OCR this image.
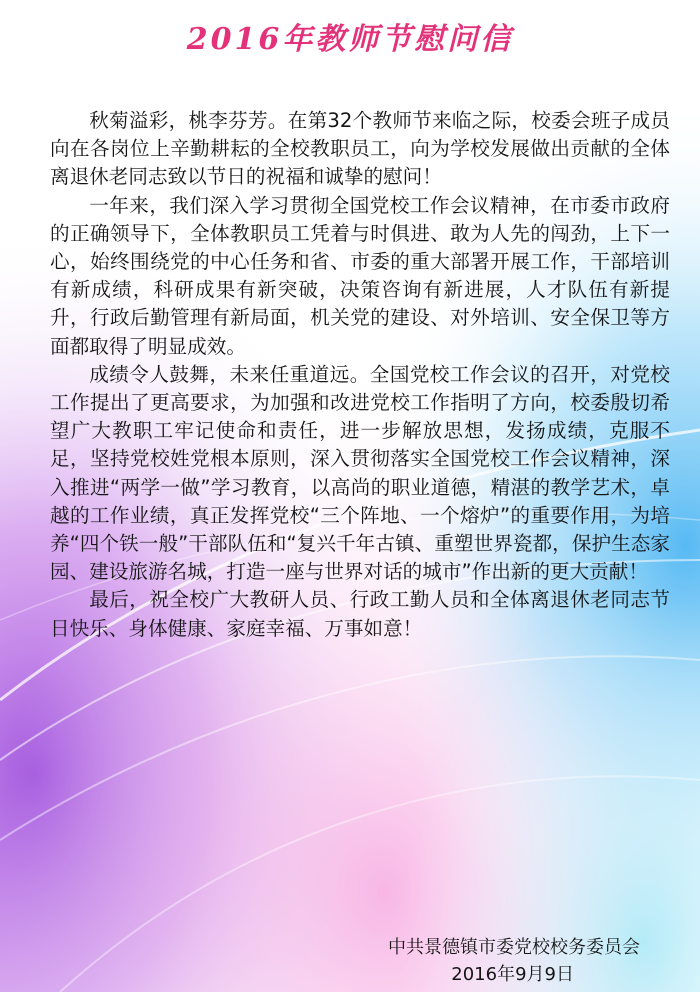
2016年教师节慰问信

秋菊溢彩，桃李芬芳。在第32个教师节来临之际，校委会班子成员向在各岗位上辛勤耕耘的全校教职员工，向为学校发展做出贡献的全体离退休老同志致以节日的祝福和诚挚的慰问！

一年来，我们深入学习贯彻全国党校工作会议精神，在市委市政府的正确领导下，全体教职员工凭着与时俱进、敢为人先的闯劲，上下一心，始终围绕党的中心任务和省、市委的重大部署开展工作，干部培训有新成绩，科研成果有新突破，决策咨询有新进展，人才队伍有新提升，行政后勤管理有新局面，机关党的建设、对外培训、安全保卫等方面都取得了明显成效。

成绩令人鼓舞，未来任重道远。全国党校工作会议的召开，对党校工作提出了更高要求，为加强和改进党校工作指明了方向，校委殷切希望广大教职工牢记使命和责任，进一步解放思想，发扬成绩，克服不足，坚持党校姓党根本原则，深入贯彻落实全国党校工作会议精神，深入推进“两学一做”学习教育，以高尚的职业道德，精湛的教学艺术，卓越的工作业绩，真正发挥党校“三个阵地、一个熔炉”的重要作用，为培养“四个铁一般”干部队伍和“复兴千年古镇、重塑世界瓷都，保护生态家园、建设旅游名城，打造一座与世界对话的城市”作出新的更大贡献！

最后，祝全校广大教研人员、行政工勤人员和全体离退休老同志节日快乐、身体健康、家庭幸福、万事如意！

中共景德镇市委党校校务委员会
2016年9月9日
